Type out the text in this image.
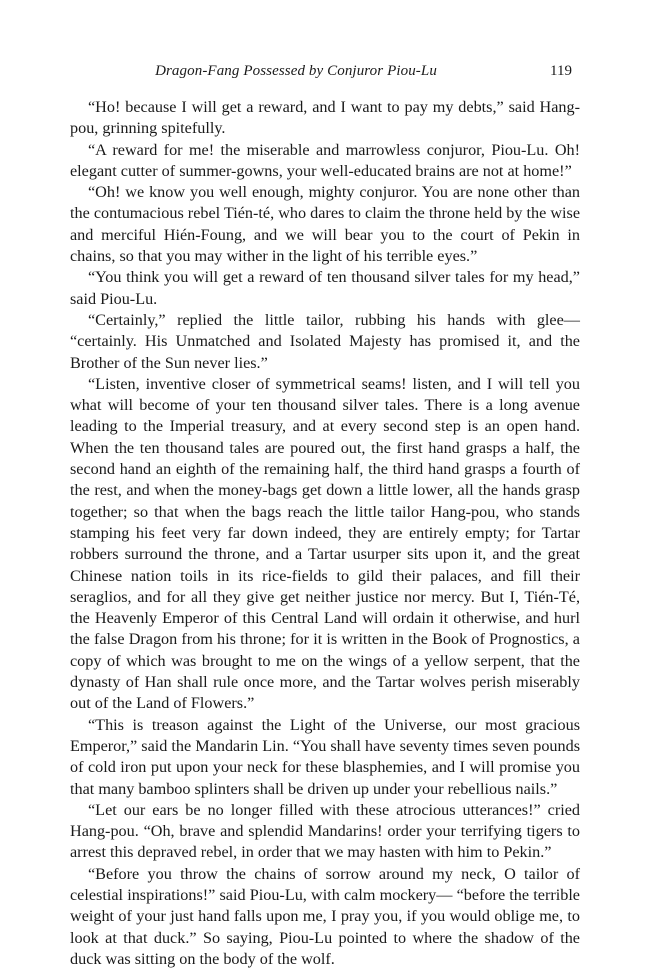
Dragon-Fang Possessed by Conjuror Piou-Lu	119

“Ho! because I will get a reward, and I want to pay my debts,” said Hang-pou, grinning spitefully.

“A reward for me! the miserable and marrowless conjuror, Piou-Lu. Oh! elegant cutter of summer-gowns, your well-educated brains are not at home!”

“Oh! we know you well enough, mighty conjuror. You are none other than the contumacious rebel Tién-té, who dares to claim the throne held by the wise and merciful Hién-Foung, and we will bear you to the court of Pekin in chains, so that you may wither in the light of his terrible eyes.”

“You think you will get a reward of ten thousand silver tales for my head,” said Piou-Lu.

“Certainly,” replied the little tailor, rubbing his hands with glee— “certainly. His Unmatched and Isolated Majesty has promised it, and the Brother of the Sun never lies.”

“Listen, inventive closer of symmetrical seams! listen, and I will tell you what will become of your ten thousand silver tales. There is a long avenue leading to the Imperial treasury, and at every second step is an open hand. When the ten thousand tales are poured out, the first hand grasps a half, the second hand an eighth of the remaining half, the third hand grasps a fourth of the rest, and when the money-bags get down a little lower, all the hands grasp together; so that when the bags reach the little tailor Hang-pou, who stands stamping his feet very far down indeed, they are entirely empty; for Tartar robbers surround the throne, and a Tartar usurper sits upon it, and the great Chinese nation toils in its rice-fields to gild their palaces, and fill their seraglios, and for all they give get neither justice nor mercy. But I, Tién-Té, the Heavenly Emperor of this Central Land will ordain it otherwise, and hurl the false Dragon from his throne; for it is written in the Book of Prognostics, a copy of which was brought to me on the wings of a yellow serpent, that the dynasty of Han shall rule once more, and the Tartar wolves perish miserably out of the Land of Flowers.”

“This is treason against the Light of the Universe, our most gracious Emperor,” said the Mandarin Lin. “You shall have seventy times seven pounds of cold iron put upon your neck for these blasphemies, and I will promise you that many bamboo splinters shall be driven up under your rebellious nails.”

“Let our ears be no longer filled with these atrocious utterances!” cried Hang-pou. “Oh, brave and splendid Mandarins! order your terrifying tigers to arrest this depraved rebel, in order that we may hasten with him to Pekin.”

“Before you throw the chains of sorrow around my neck, O tailor of celestial inspirations!” said Piou-Lu, with calm mockery— “before the terrible weight of your just hand falls upon me, I pray you, if you would oblige me, to look at that duck.” So saying, Piou-Lu pointed to where the shadow of the duck was sitting on the body of the wolf.
